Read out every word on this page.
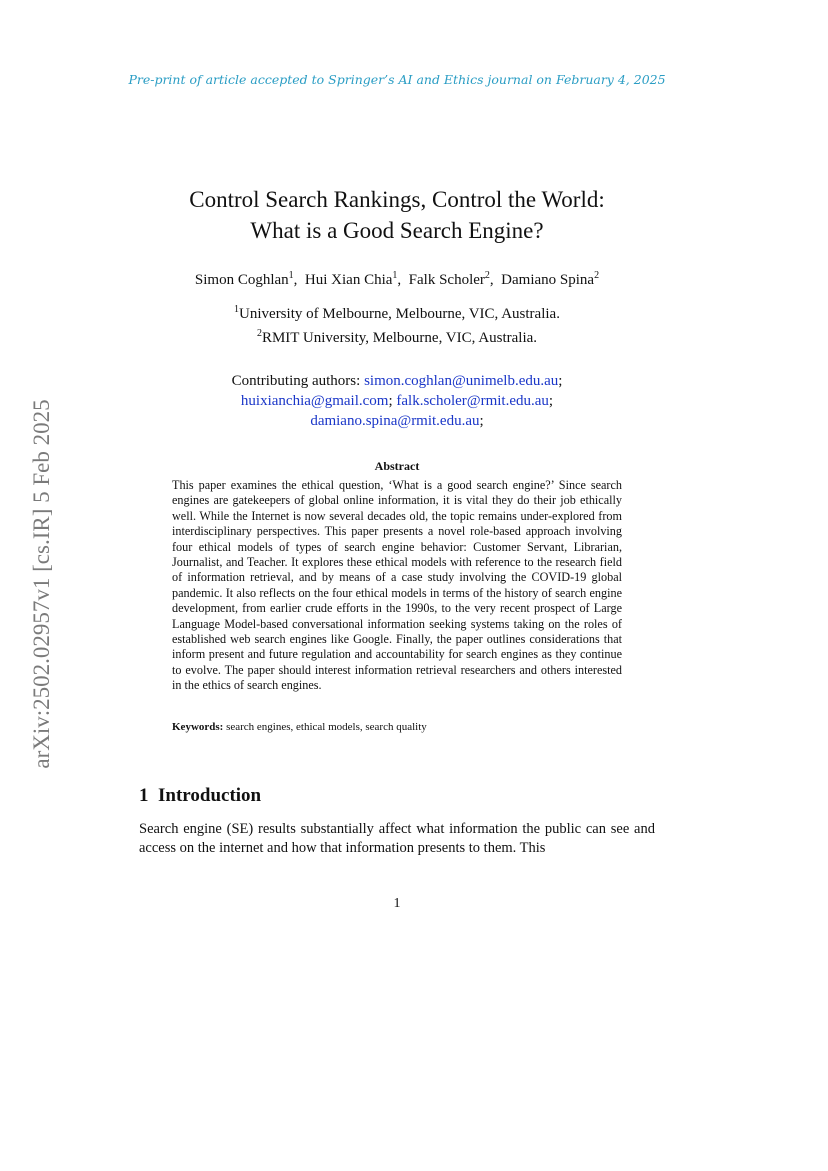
Pre-print of article accepted to Springer’s AI and Ethics journal on February 4, 2025
arXiv:2502.02957v1 [cs.IR] 5 Feb 2025
Control Search Rankings, Control the World:
What is a Good Search Engine?
Simon Coghlan$^1$,  Hui Xian Chia$^1$,  Falk Scholer$^2$,  Damiano Spina$^2$
$^1$University of Melbourne, Melbourne, VIC, Australia.
$^2$RMIT University, Melbourne, VIC, Australia.
Contributing authors: simon.coghlan@unimelb.edu.au;
huixianchia@gmail.com; falk.scholer@rmit.edu.au;
damiano.spina@rmit.edu.au;
Abstract
This paper examines the ethical question, ‘What is a good search engine?’ Since search engines are gatekeepers of global online information, it is vital they do their job ethically well. While the Internet is now several decades old, the topic remains under-explored from interdisciplinary perspectives. This paper presents a novel role-based approach involving four ethical models of types of search engine behavior: Customer Servant, Librarian, Journalist, and Teacher. It explores these ethical models with reference to the research field of information retrieval, and by means of a case study involving the COVID-19 global pandemic. It also reflects on the four ethical models in terms of the history of search engine development, from earlier crude efforts in the 1990s, to the very recent prospect of Large Language Model-based conversational information seeking systems taking on the roles of established web search engines like Google. Finally, the paper outlines considerations that inform present and future regulation and accountability for search engines as they continue to evolve. The paper should interest information retrieval researchers and others interested in the ethics of search engines.
Keywords: search engines, ethical models, search quality
1 Introduction
Search engine (SE) results substantially affect what information the public can see and access on the internet and how that information presents to them. This
1
